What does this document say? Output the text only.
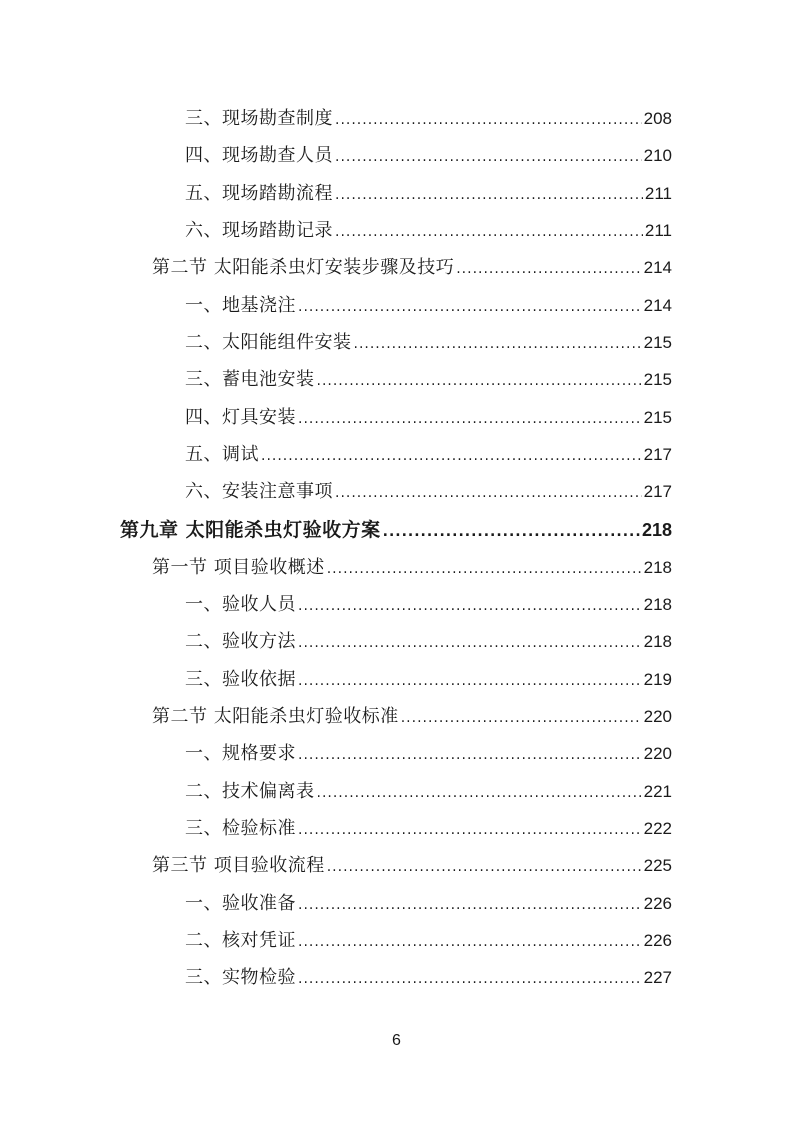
三、现场勘查制度 .....	208
四、现场勘查人员 .....	210
五、现场踏勘流程 .....	211
六、现场踏勘记录 .....	211
第二节 太阳能杀虫灯安装步骤及技巧 .....	214
一、地基浇注 .....	214
二、太阳能组件安装 .....	215
三、蓄电池安装 .....	215
四、灯具安装 .....	215
五、调试 .....	217
六、安装注意事项 .....	217
第九章 太阳能杀虫灯验收方案 .....	218
第一节 项目验收概述 .....	218
一、验收人员 .....	218
二、验收方法 .....	218
三、验收依据 .....	219
第二节 太阳能杀虫灯验收标准 .....	220
一、规格要求 .....	220
二、技术偏离表 .....	221
三、检验标准 .....	222
第三节 项目验收流程 .....	225
一、验收准备 .....	226
二、核对凭证 .....	226
三、实物检验 .....	227
6
